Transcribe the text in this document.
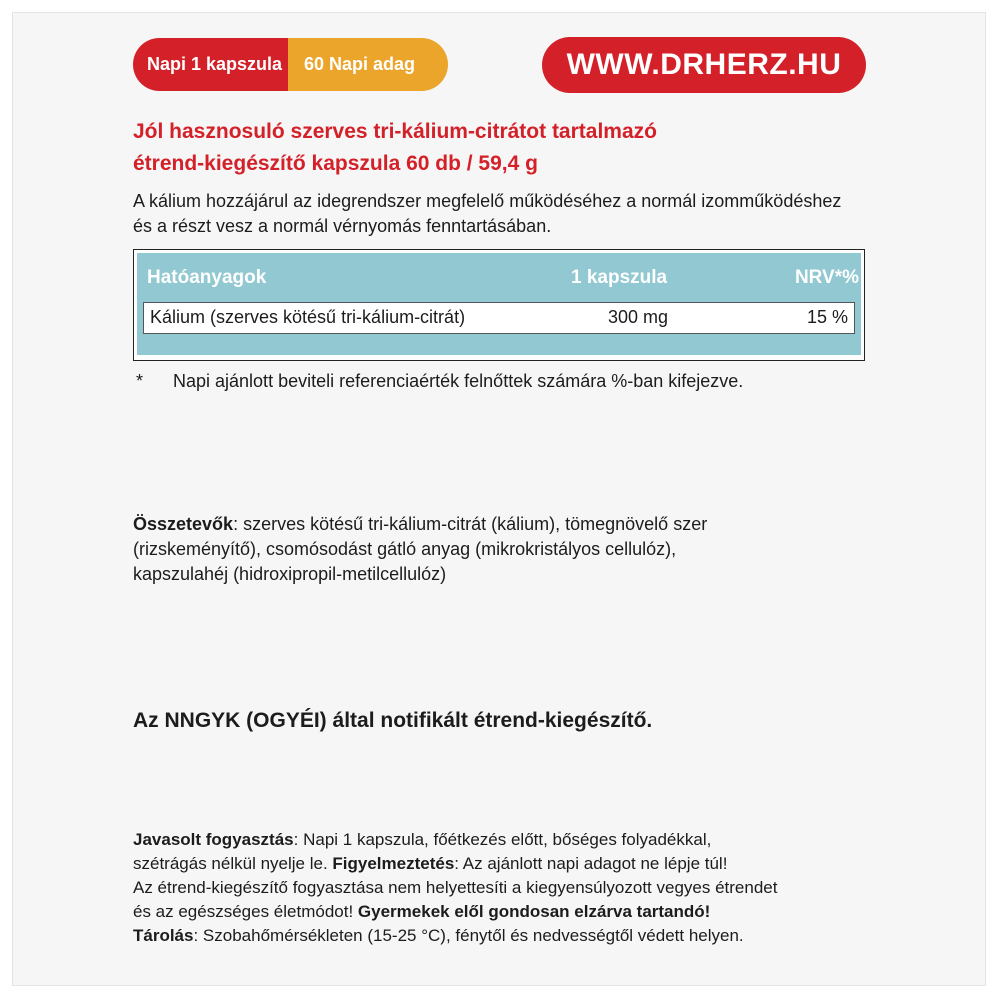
Napi 1 kapszula	60 Napi adag	WWW.DRHERZ.HU
Jól hasznosuló szerves tri-kálium-citrátot tartalmazó
étrend-kiegészítő kapszula 60 db / 59,4 g
A kálium hozzájárul az idegrendszer megfelelő működéséhez a normál izomműködéshez
és a részt vesz a normál vérnyomás fenntartásában.
Hatóanyagok	1 kapszula	NRV*%
Kálium (szerves kötésű tri-kálium-citrát)	300 mg	15 %
* Napi ajánlott beviteli referenciaérték felnőttek számára %-ban kifejezve.
Összetevők: szerves kötésű tri-kálium-citrát (kálium), tömegnövelő szer
(rizskeményítő), csomósodást gátló anyag (mikrokristályos cellulóz),
kapszulahéj (hidroxipropil-metilcellulóz)
Az NNGYK (OGYÉI) által notifikált étrend-kiegészítő.
Javasolt fogyasztás: Napi 1 kapszula, főétkezés előtt, bőséges folyadékkal,
szétrágás nélkül nyelje le. Figyelmeztetés: Az ajánlott napi adagot ne lépje túl!
Az étrend-kiegészítő fogyasztása nem helyettesíti a kiegyensúlyozott vegyes étrendet
és az egészséges életmódot! Gyermekek elől gondosan elzárva tartandó!
Tárolás: Szobahőmérsékleten (15-25 °C), fénytől és nedvességtől védett helyen.
